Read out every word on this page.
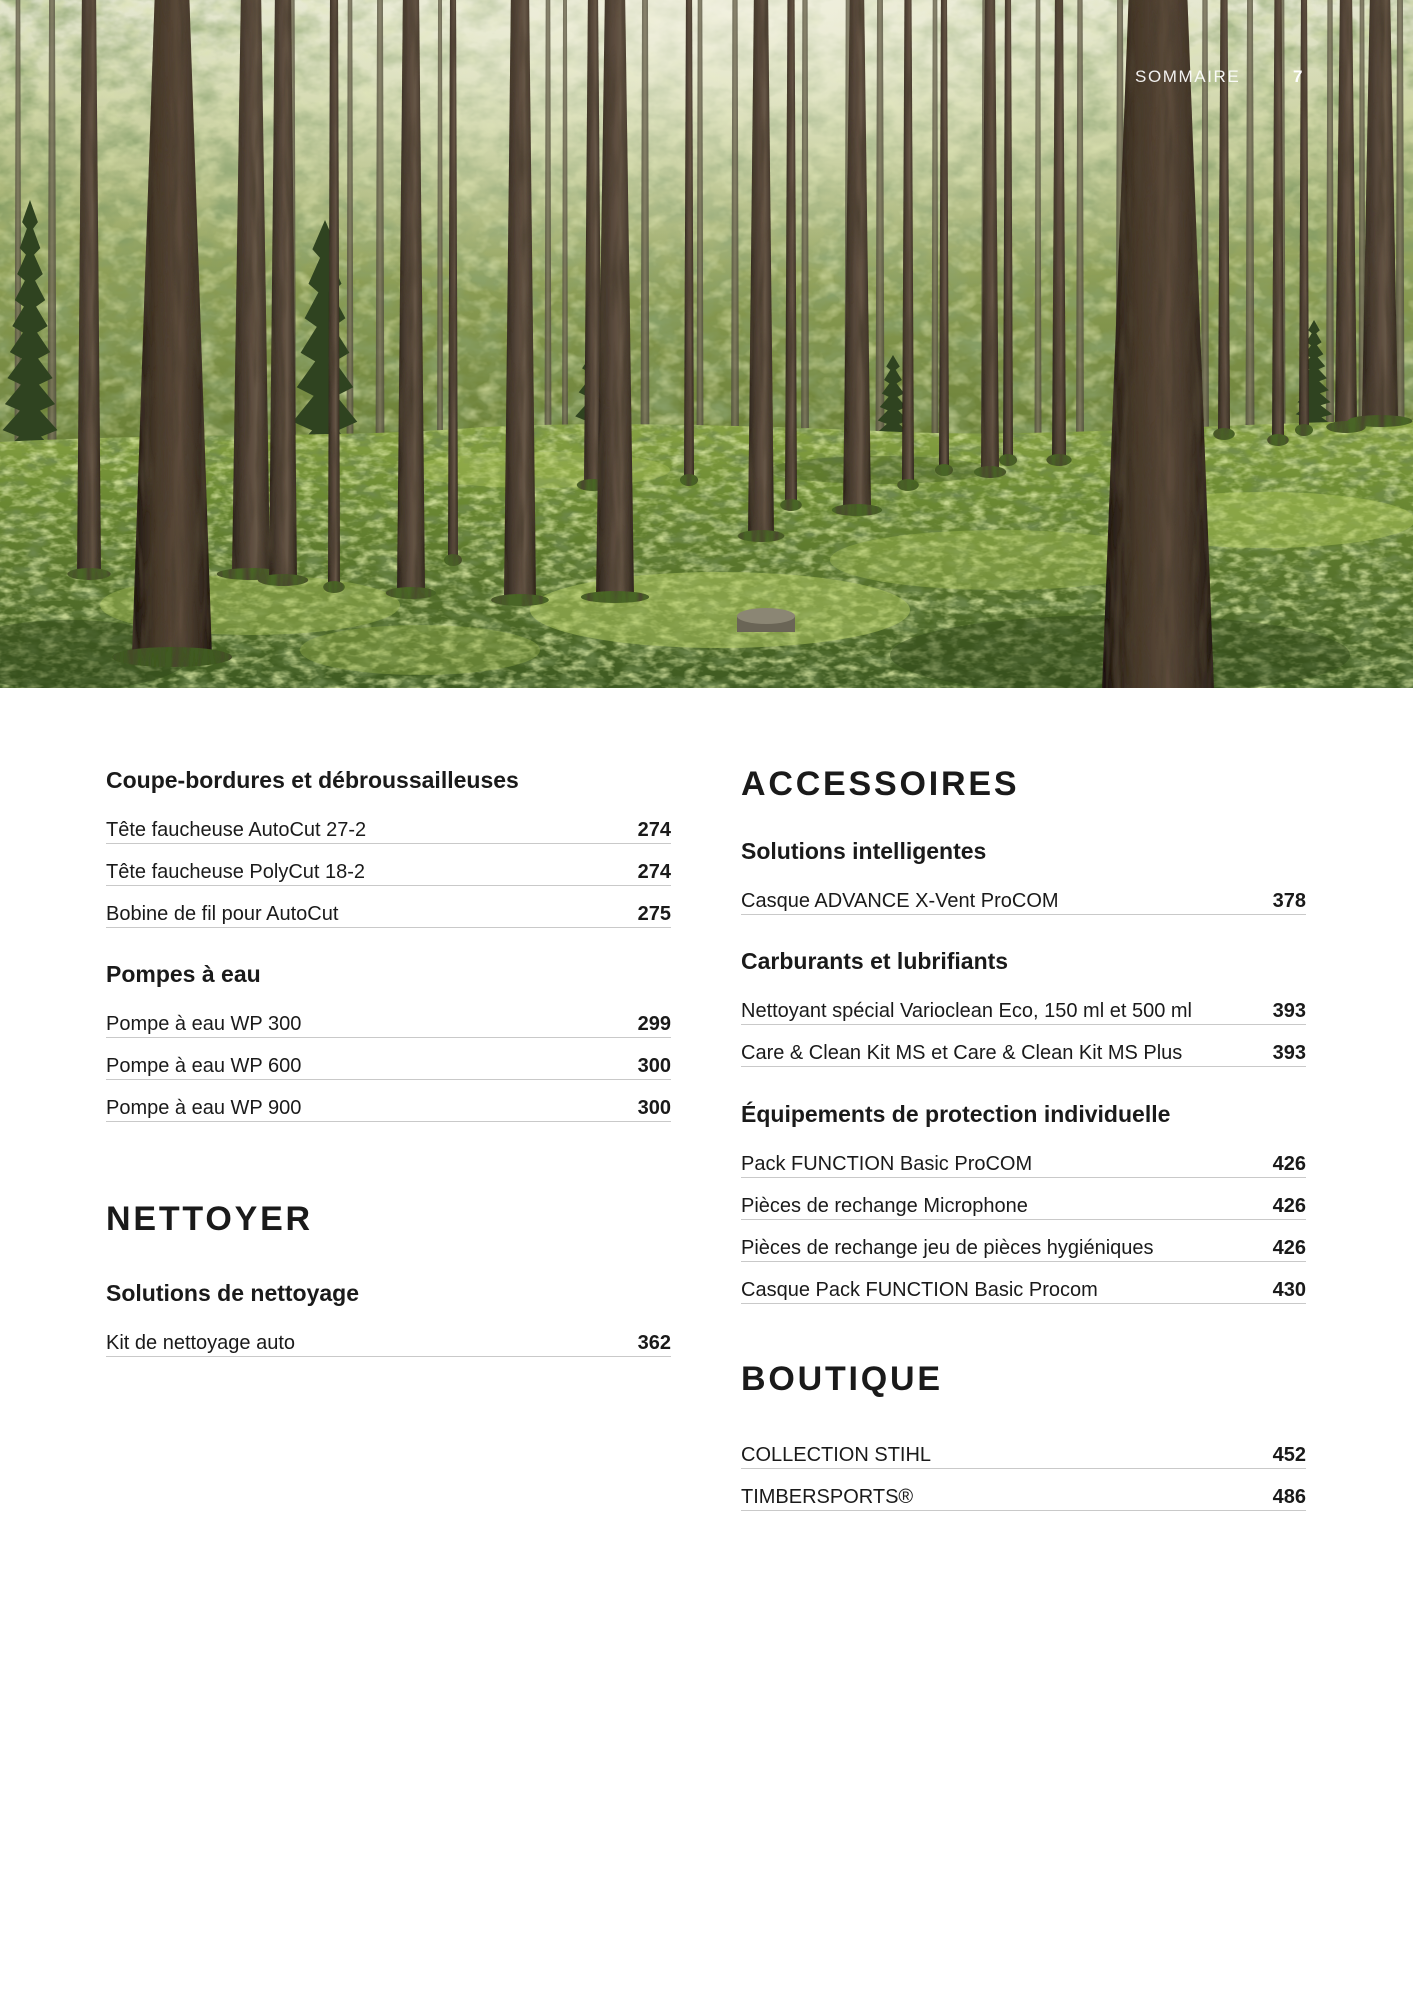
SOMMAIRE	7
Coupe-bordures et débroussailleuses
Tête faucheuse AutoCut 27-2	274
Tête faucheuse PolyCut 18-2	274
Bobine de fil pour AutoCut	275
Pompes à eau
Pompe à eau WP 300	299
Pompe à eau WP 600	300
Pompe à eau WP 900	300
NETTOYER
Solutions de nettoyage
Kit de nettoyage auto	362
ACCESSOIRES
Solutions intelligentes
Casque ADVANCE X-Vent ProCOM	378
Carburants et lubrifiants
Nettoyant spécial Varioclean Eco, 150 ml et 500 ml	393
Care & Clean Kit MS et Care & Clean Kit MS Plus	393
Équipements de protection individuelle
Pack FUNCTION Basic ProCOM	426
Pièces de rechange Microphone	426
Pièces de rechange jeu de pièces hygiéniques	426
Casque Pack FUNCTION Basic Procom	430
BOUTIQUE
COLLECTION STIHL	452
TIMBERSPORTS®	486
